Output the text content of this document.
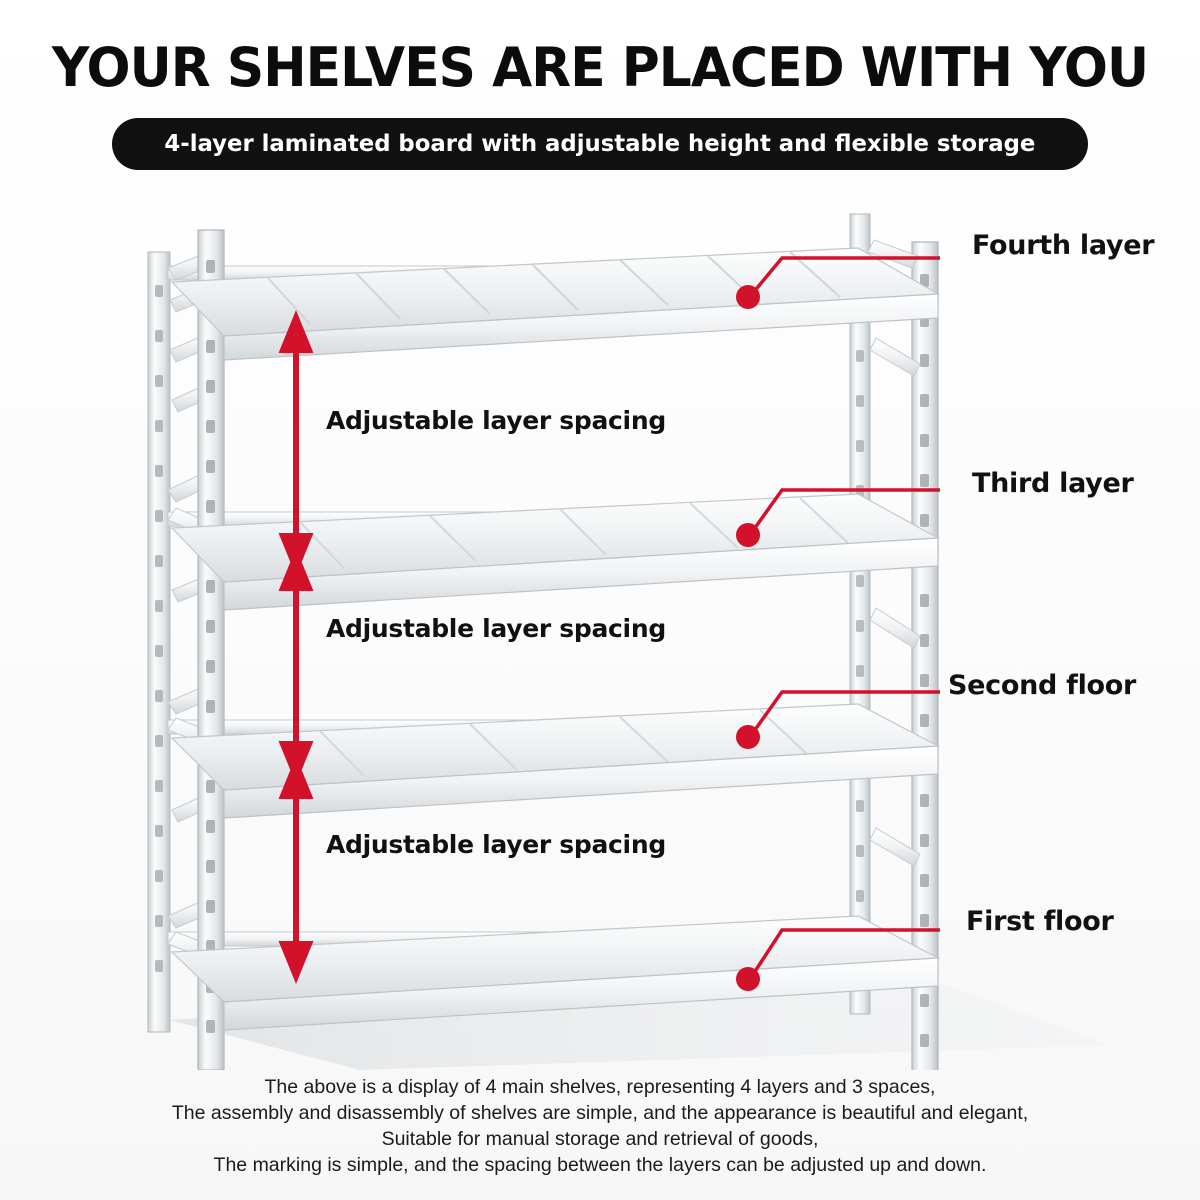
YOUR SHELVES ARE PLACED WITH YOU
4-layer laminated board with adjustable height and flexible storage
Fourth layer
Third layer
Second floor
First floor
Adjustable layer spacing
Adjustable layer spacing
Adjustable layer spacing
The above is a display of 4 main shelves, representing 4 layers and 3 spaces,
The assembly and disassembly of shelves are simple, and the appearance is beautiful and elegant,
Suitable for manual storage and retrieval of goods,
The marking is simple, and the spacing between the layers can be adjusted up and down.
